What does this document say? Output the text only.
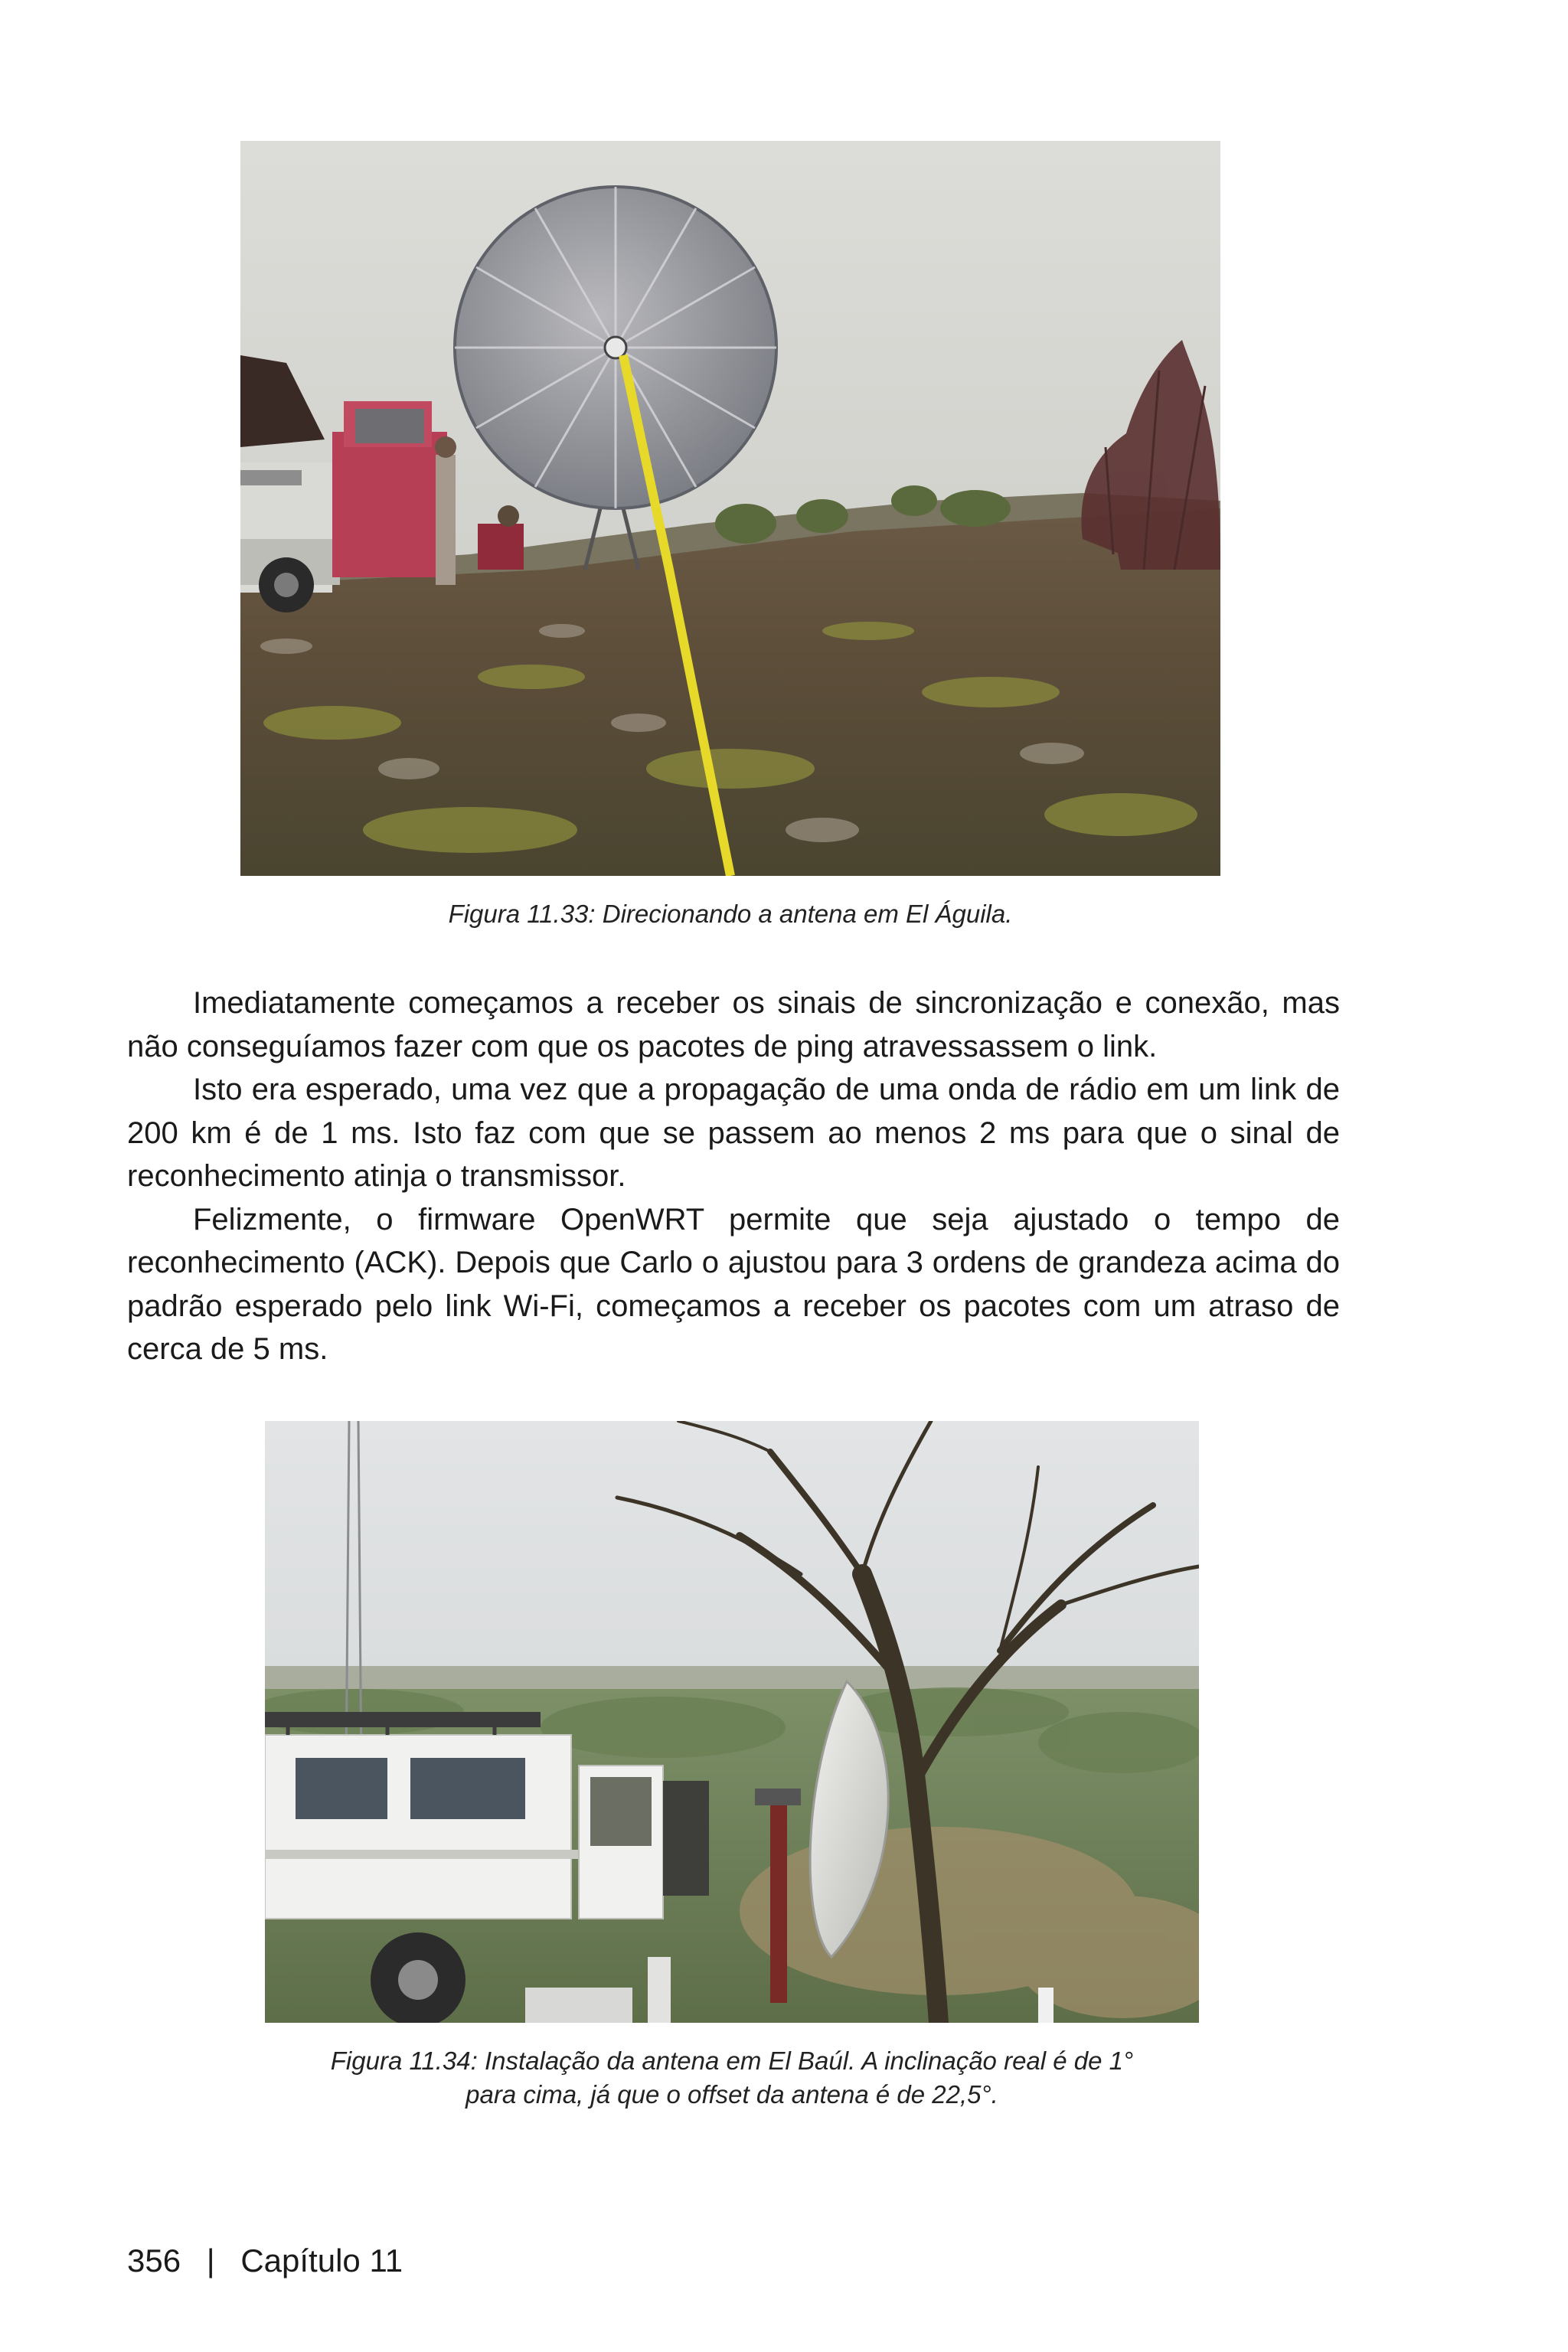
Figura 11.33: Direcionando a antena em El Águila.

Imediatamente começamos a receber os sinais de sincronização e conexão, mas não conseguíamos fazer com que os pacotes de ping atravessassem o link.

Isto era esperado, uma vez que a propagação de uma onda de rádio em um link de 200 km é de 1 ms. Isto faz com que se passem ao menos 2 ms para que o sinal de reconhecimento atinja o transmissor.

Felizmente, o firmware OpenWRT permite que seja ajustado o tempo de reconhecimento (ACK). Depois que Carlo o ajustou para 3 ordens de grandeza acima do padrão esperado pelo link Wi-Fi, começamos a receber os pacotes com um atraso de cerca de 5 ms.

Figura 11.34: Instalação da antena em El Baúl. A inclinação real é de 1°
para cima, já que o offset da antena é de 22,5°.
356 | Capítulo 11
